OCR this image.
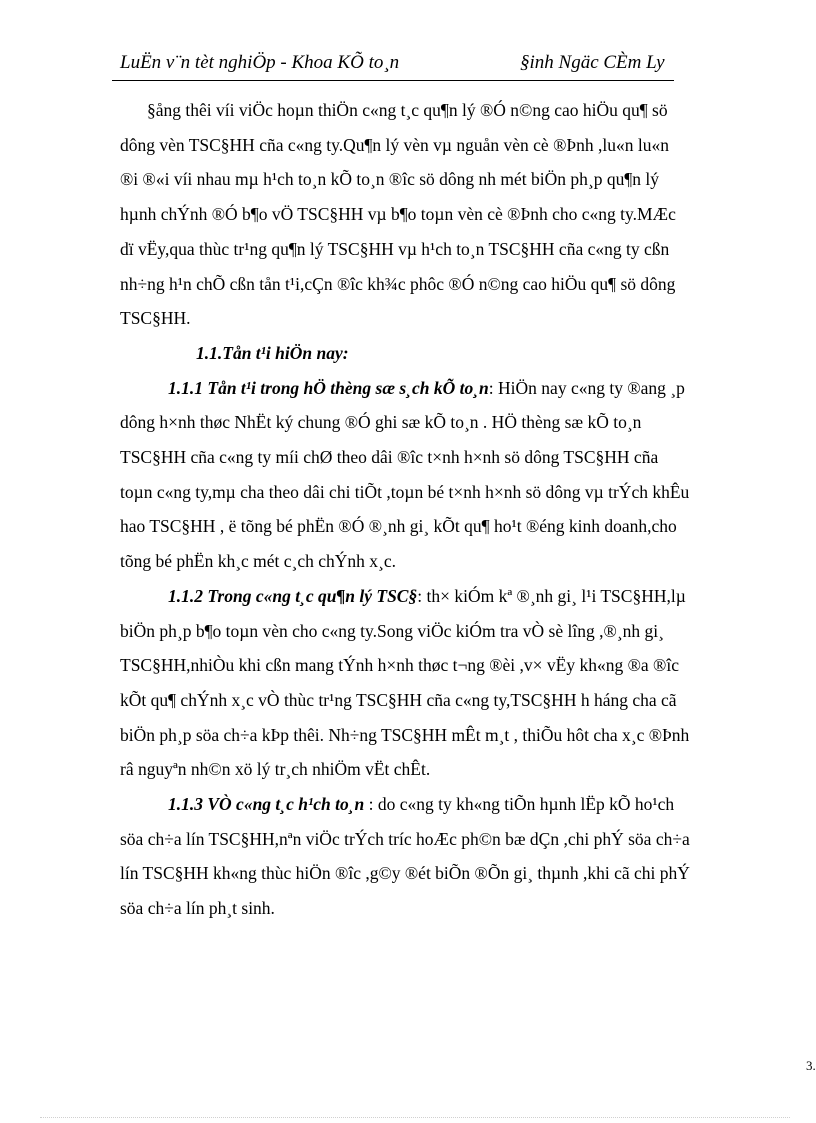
LuËn v¨n tèt nghiÖp - Khoa KÕ to¸n	§inh Ngäc CÈm Ly

§ång thêi víi viÖc hoµn thiÖn c«ng t¸c qu¶n lý ®Ó n©ng cao hiÖu qu¶ sö dông vèn TSC§HH cña c«ng ty.Qu¶n lý vèn vµ nguån vèn cè ®Þnh ,lu«n lu«n ®i ®«i víi nhau mµ h¹ch to¸n kÕ to¸n ®îc sö dông nh mét biÖn ph¸p qu¶n lý hµnh chÝnh ®Ó b¶o vÖ TSC§HH vµ b¶o toµn vèn cè ®Þnh cho c«ng ty.MÆc dï vËy,qua thùc tr¹ng qu¶n lý TSC§HH vµ h¹ch to¸n TSC§HH cña c«ng ty cßn nh÷ng h¹n chÕ cßn tån t¹i,cÇn ®îc kh¾c phôc ®Ó n©ng cao hiÖu qu¶ sö dông TSC§HH.

1.1.Tån t¹i hiÖn nay:

1.1.1 Tån t¹i trong hÖ thèng sæ s¸ch kÕ to¸n: HiÖn nay c«ng ty ®ang ¸p dông h×nh thøc NhËt ký chung ®Ó ghi sæ kÕ to¸n . HÖ thèng sæ kÕ to¸n TSC§HH cña c«ng ty míi chØ theo dâi ®îc t×nh h×nh sö dông TSC§HH cña toµn c«ng ty,mµ cha theo dâi chi tiÕt ,toµn bé t×nh h×nh sö dông vµ trÝch khÊu hao TSC§HH , ë tõng bé phËn ®Ó ®¸nh gi¸ kÕt qu¶ ho¹t ®éng kinh doanh,cho tõng bé phËn kh¸c mét c¸ch chÝnh x¸c.

1.1.2 Trong c«ng t¸c qu¶n lý TSC§: th× kiÓm kª ®¸nh gi¸ l¹i TSC§HH,lµ biÖn ph¸p b¶o toµn vèn cho c«ng ty.Song viÖc kiÓm tra vÒ sè lîng ,®¸nh gi¸ TSC§HH,nhiÒu khi cßn mang tÝnh h×nh thøc t¬ng ®èi ,v× vËy kh«ng ®a ®îc kÕt qu¶ chÝnh x¸c vÒ thùc tr¹ng TSC§HH cña c«ng ty,TSC§HH h háng cha cã biÖn ph¸p söa ch÷a kÞp thêi. Nh÷ng TSC§HH mÊt m¸t , thiÕu hôt cha x¸c ®Þnh râ nguyªn nh©n xö lý tr¸ch nhiÖm vËt chÊt.

1.1.3 VÒ c«ng t¸c h¹ch to¸n : do c«ng ty kh«ng tiÕn hµnh lËp kÕ ho¹ch söa ch÷a lín TSC§HH,nªn viÖc trÝch tríc hoÆc ph©n bæ dÇn ,chi phÝ söa ch÷a lín TSC§HH kh«ng thùc hiÖn ®îc ,g©y ®ét biÕn ®Õn gi¸ thµnh ,khi cã chi phÝ söa ch÷a lín ph¸t sinh.

3.
